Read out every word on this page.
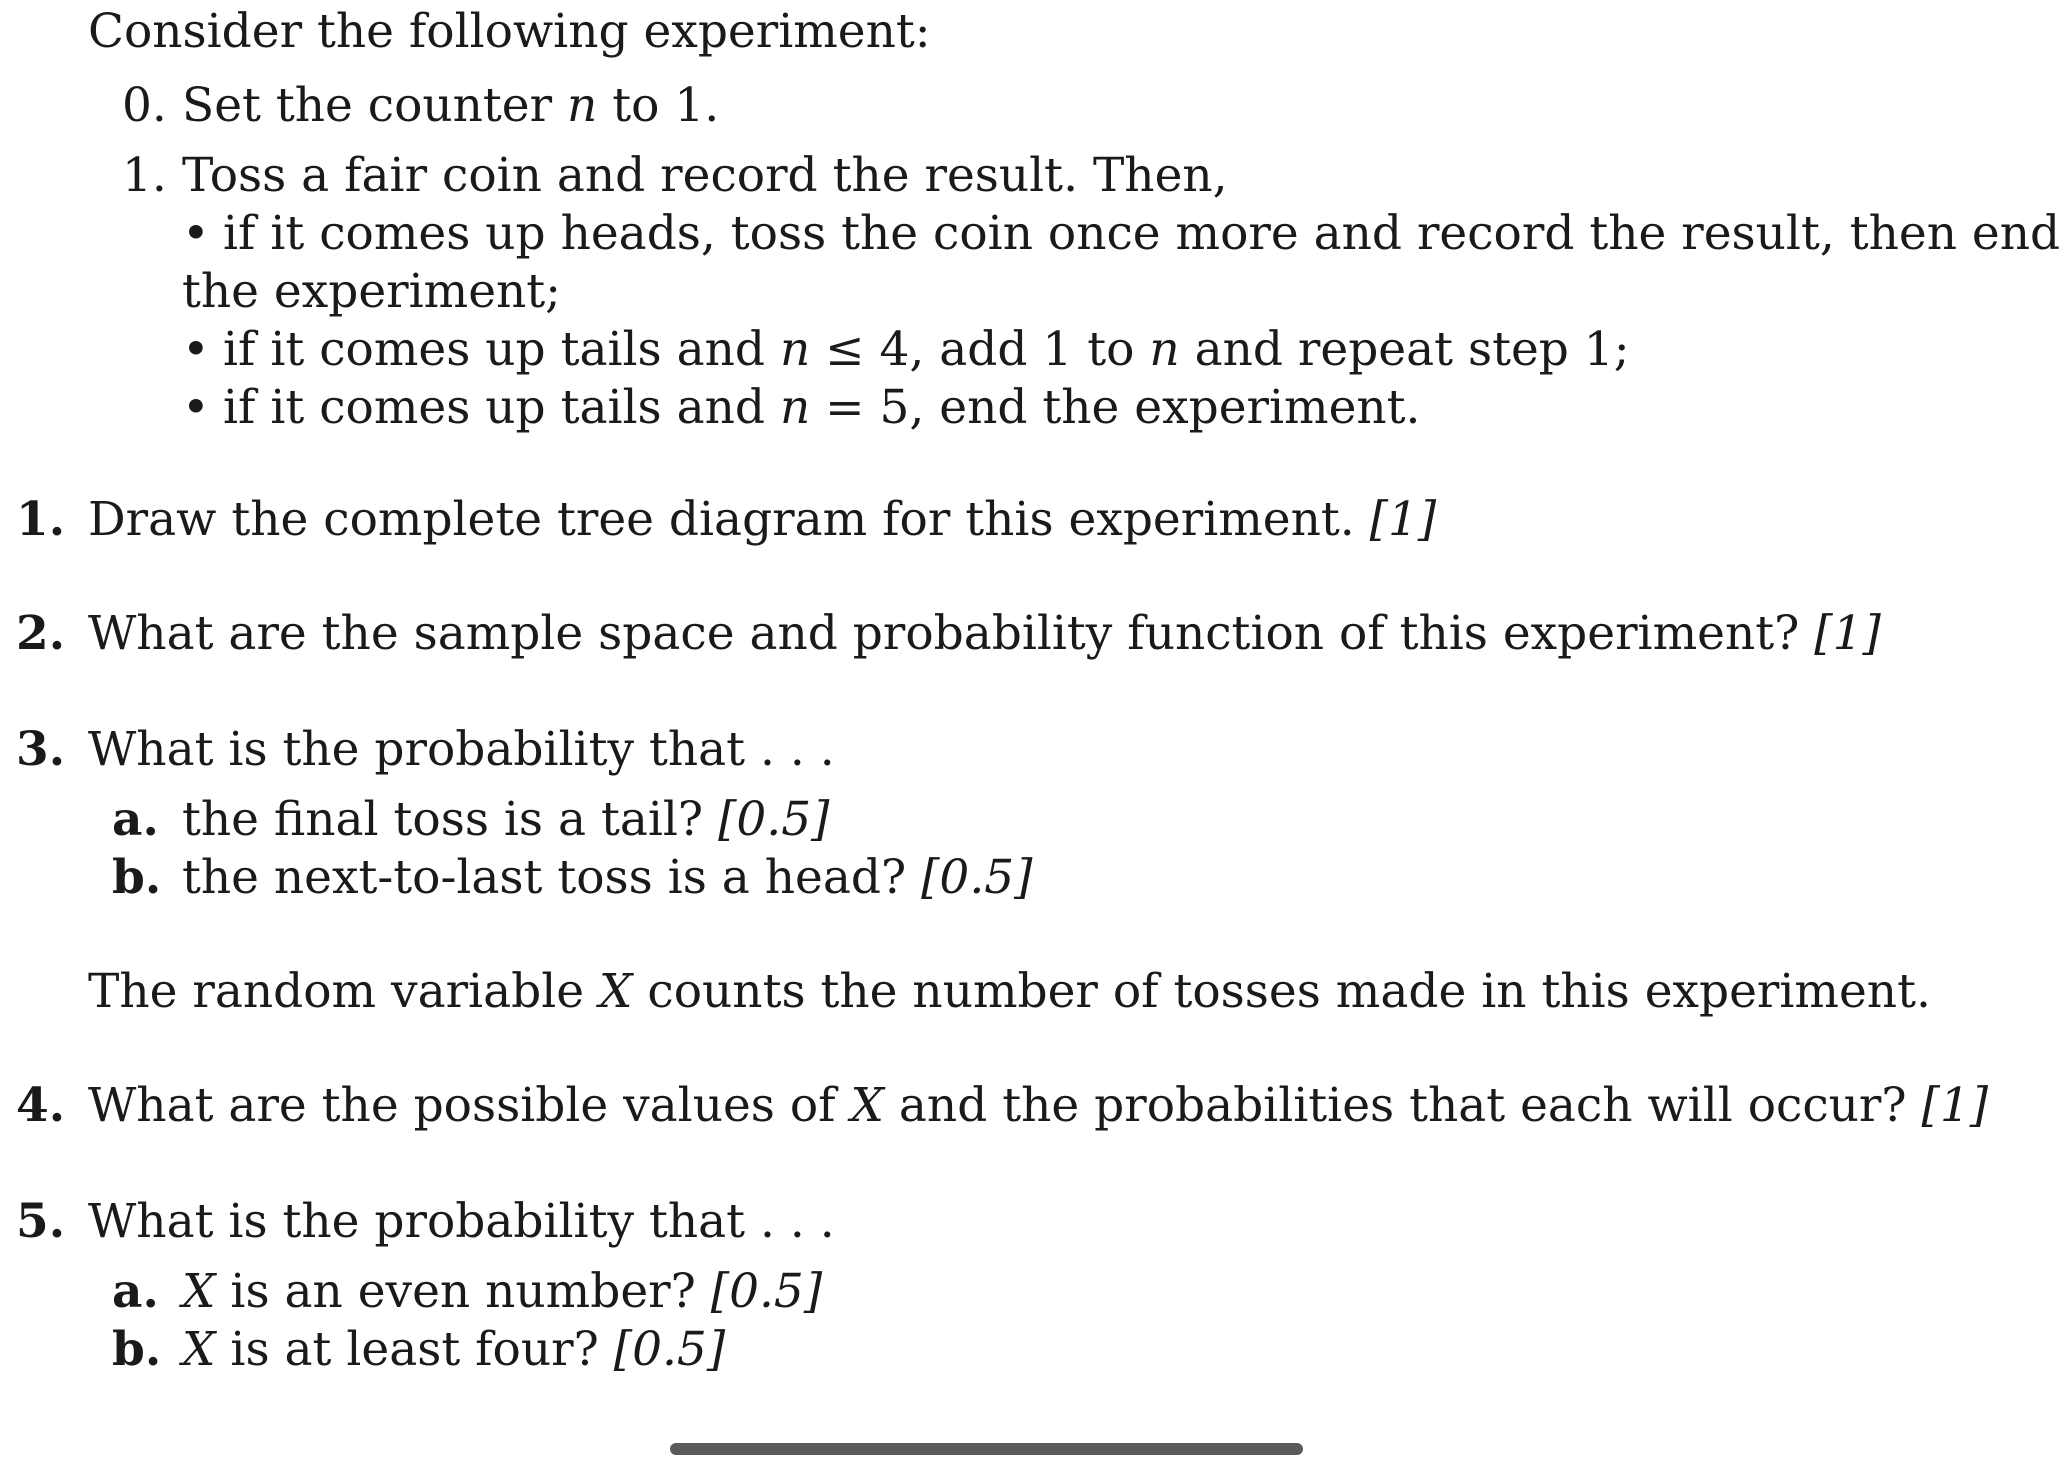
Consider the following experiment:
0. Set the counter n to 1.
1. Toss a fair coin and record the result. Then,
• if it comes up heads, toss the coin once more and record the result, then end
the experiment;
• if it comes up tails and n ≤ 4, add 1 to n and repeat step 1;
• if it comes up tails and n = 5, end the experiment.
1. Draw the complete tree diagram for this experiment. [1]
2. What are the sample space and probability function of this experiment? [1]
3. What is the probability that . . .
a. the final toss is a tail? [0.5]
b. the next-to-last toss is a head? [0.5]
The random variable X counts the number of tosses made in this experiment.
4. What are the possible values of X and the probabilities that each will occur? [1]
5. What is the probability that . . .
a. X is an even number? [0.5]
b. X is at least four? [0.5]
